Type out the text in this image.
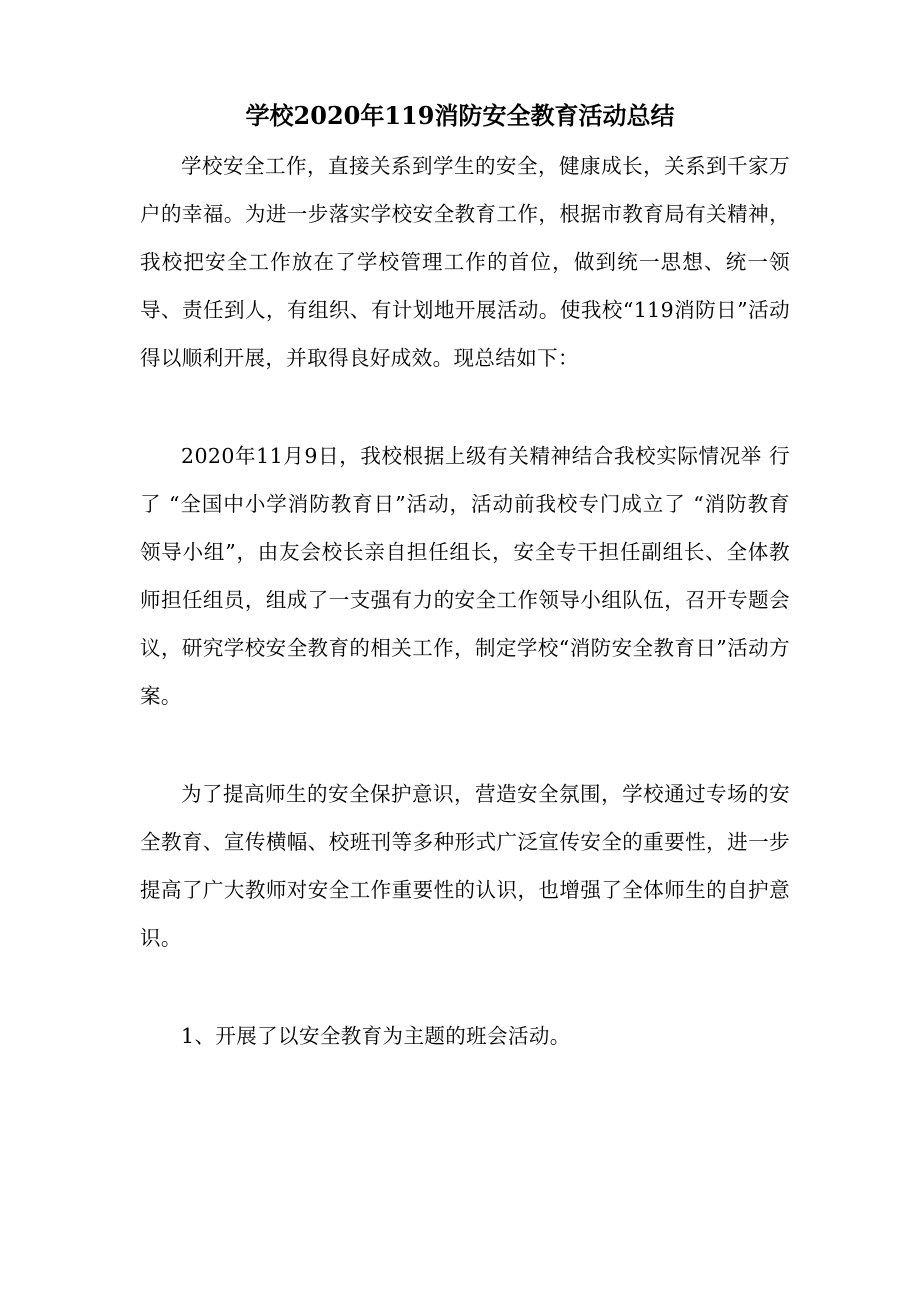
学校2020年119消防安全教育活动总结

学校安全工作，直接关系到学生的安全，健康成长，关系到千家万户的幸福。为进一步落实学校安全教育工作，根据市教育局有关精神，我校把安全工作放在了学校管理工作的首位，做到统一思想、统一领导、责任到人，有组织、有计划地开展活动。使我校“119消防日”活动得以顺利开展，并取得良好成效。现总结如下：

2020年11月9日，我校根据上级有关精神结合我校实际情况举 行了 “全国中小学消防教育日”活动，活动前我校专门成立了 “消防教育领导小组”，由友会校长亲自担任组长，安全专干担任副组长、全体教师担任组员，组成了一支强有力的安全工作领导小组队伍，召开专题会议，研究学校安全教育的相关工作，制定学校“消防安全教育日”活动方案。

为了提高师生的安全保护意识，营造安全氛围，学校通过专场的安全教育、宣传横幅、校班刊等多种形式广泛宣传安全的重要性，进一步提高了广大教师对安全工作重要性的认识，也增强了全体师生的自护意识。

1、开展了以安全教育为主题的班会活动。
